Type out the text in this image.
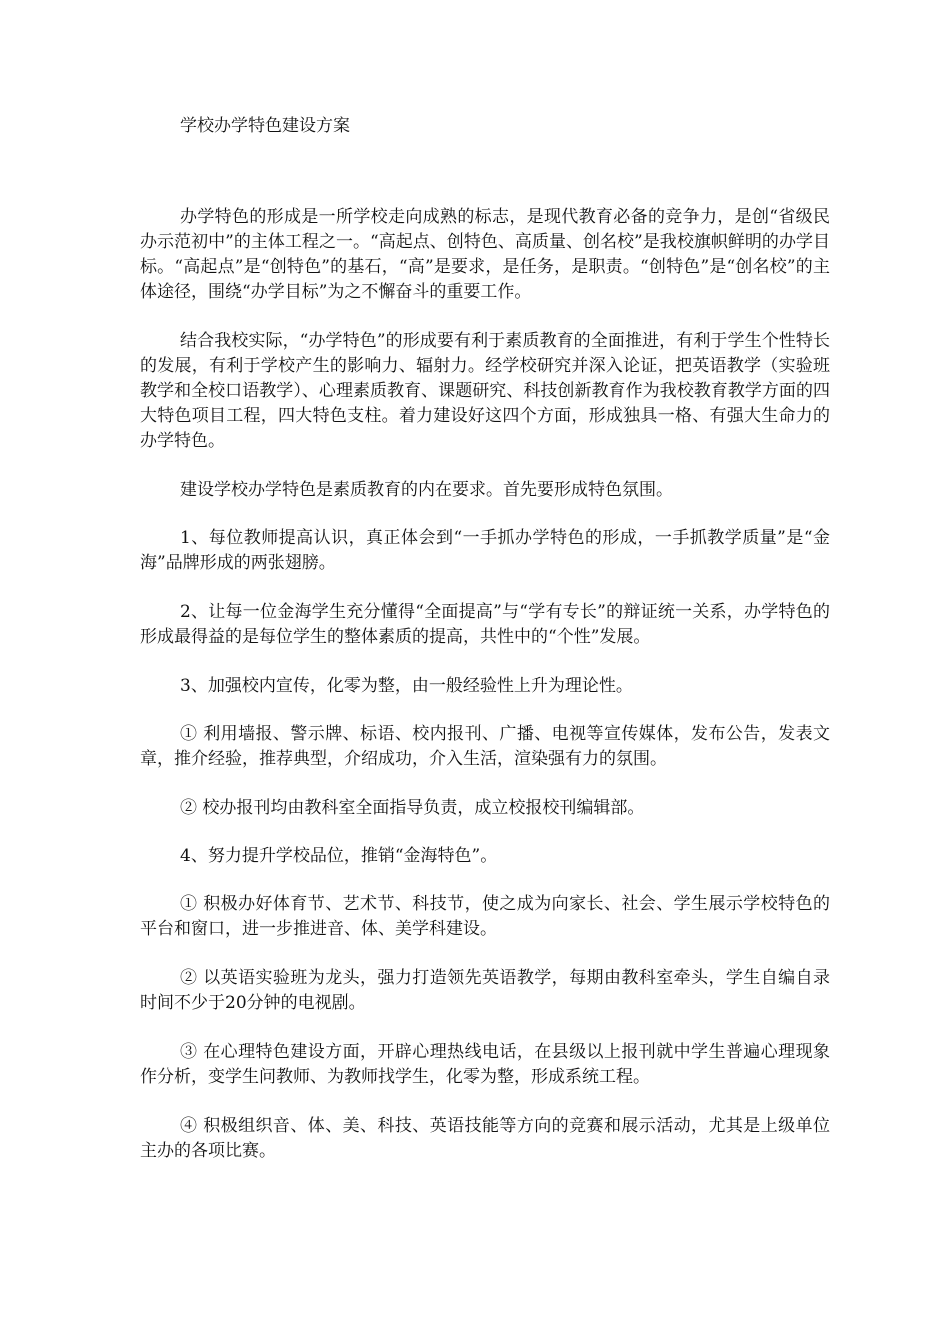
学校办学特色建设方案

办学特色的形成是一所学校走向成熟的标志，是现代教育必备的竞争力，是创“省级民办示范初中”的主体工程之一。“高起点、创特色、高质量、创名校”是我校旗帜鲜明的办学目标。“高起点”是“创特色”的基石，“高”是要求，是任务，是职责。“创特色”是“创名校”的主体途径，围绕“办学目标”为之不懈奋斗的重要工作。

结合我校实际，“办学特色”的形成要有利于素质教育的全面推进，有利于学生个性特长的发展，有利于学校产生的影响力、辐射力。经学校研究并深入论证，把英语教学（实验班教学和全校口语教学）、心理素质教育、课题研究、科技创新教育作为我校教育教学方面的四大特色项目工程，四大特色支柱。着力建设好这四个方面，形成独具一格、有强大生命力的办学特色。

建设学校办学特色是素质教育的内在要求。首先要形成特色氛围。

1、每位教师提高认识，真正体会到“一手抓办学特色的形成，一手抓教学质量”是“金海”品牌形成的两张翅膀。

2、让每一位金海学生充分懂得“全面提高”与“学有专长”的辩证统一关系，办学特色的形成最得益的是每位学生的整体素质的提高，共性中的“个性”发展。

3、加强校内宣传，化零为整，由一般经验性上升为理论性。

① 利用墙报、警示牌、标语、校内报刊、广播、电视等宣传媒体，发布公告，发表文章，推介经验，推荐典型，介绍成功，介入生活，渲染强有力的氛围。

② 校办报刊均由教科室全面指导负责，成立校报校刊编辑部。

4、努力提升学校品位，推销“金海特色”。

① 积极办好体育节、艺术节、科技节，使之成为向家长、社会、学生展示学校特色的平台和窗口，进一步推进音、体、美学科建设。

② 以英语实验班为龙头，强力打造领先英语教学，每期由教科室牵头，学生自编自录时间不少于20分钟的电视剧。

③ 在心理特色建设方面，开辟心理热线电话，在县级以上报刊就中学生普遍心理现象作分析，变学生问教师、为教师找学生，化零为整，形成系统工程。

④ 积极组织音、体、美、科技、英语技能等方向的竞赛和展示活动，尤其是上级单位主办的各项比赛。
